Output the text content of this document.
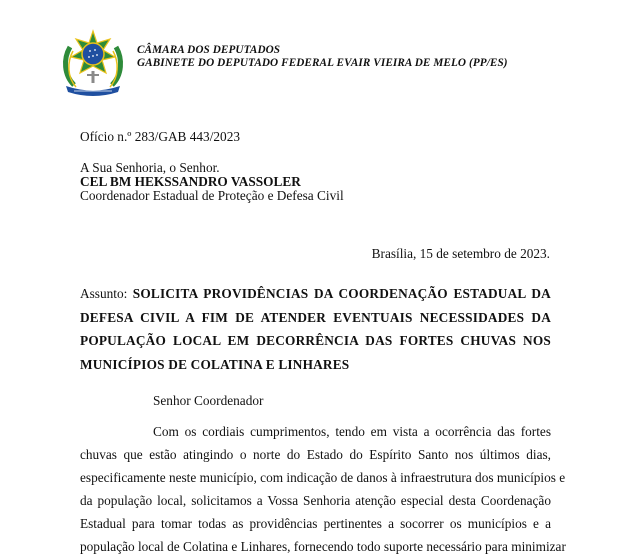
CÂMARA DOS DEPUTADOS
GABINETE DO DEPUTADO FEDERAL EVAIR VIEIRA DE MELO (PP/ES)
Ofício n.º 283/GAB 443/2023
A Sua Senhoria, o Senhor.
CEL BM HEKSSANDRO VASSOLER
Coordenador Estadual de Proteção e Defesa Civil
Brasília, 15 de setembro de 2023.
Assunto: SOLICITA PROVIDÊNCIAS DA COORDENAÇÃO ESTADUAL DA DEFESA CIVIL A FIM DE ATENDER EVENTUAIS NECESSIDADES DA POPULAÇÃO LOCAL EM DECORRÊNCIA DAS FORTES CHUVAS NOS MUNICÍPIOS DE COLATINA E LINHARES
Senhor Coordenador
Com os cordiais cumprimentos, tendo em vista a ocorrência das fortes
chuvas que estão atingindo o norte do Estado do Espírito Santo nos últimos dias,
especificamente neste município, com indicação de danos à infraestrutura dos municípios e
da população local, solicitamos a Vossa Senhoria atenção especial desta Coordenação
Estadual para tomar todas as providências pertinentes a socorrer os municípios e a
população local de Colatina e Linhares, fornecendo todo suporte necessário para minimizar
